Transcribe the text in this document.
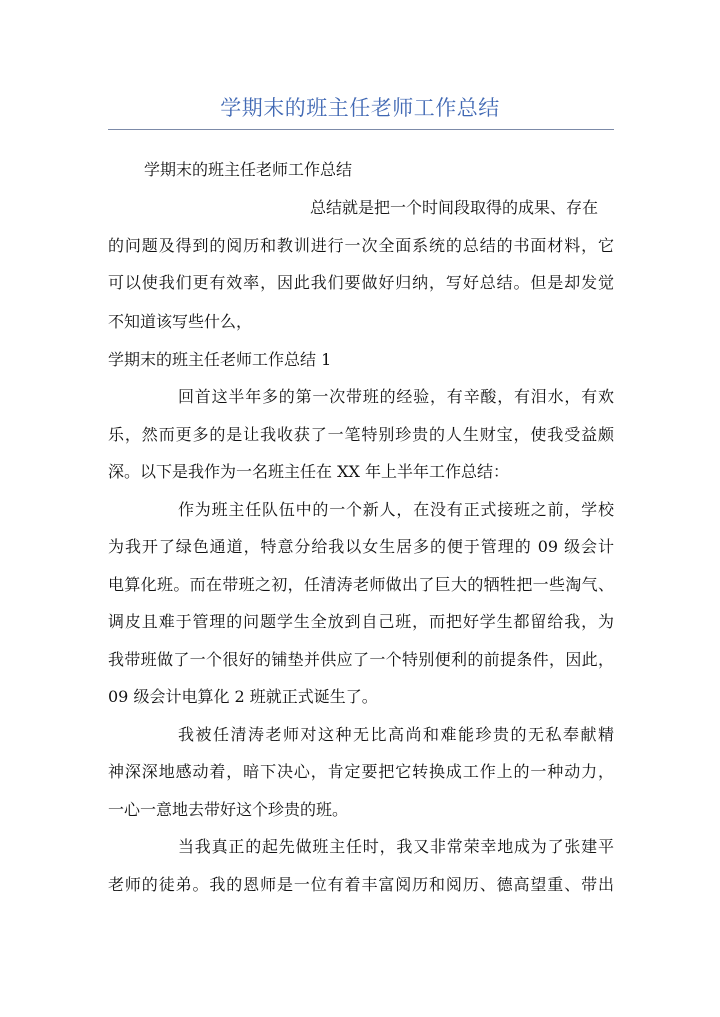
学期末的班主任老师工作总结
学期末的班主任老师工作总结
总结就是把一个时间段取得的成果、存在
的问题及得到的阅历和教训进行一次全面系统的总结的书面材料，它
可以使我们更有效率，因此我们要做好归纳，写好总结。但是却发觉
不知道该写些什么，
学期末的班主任老师工作总结 1
回首这半年多的第一次带班的经验，有辛酸，有泪水，有欢
乐，然而更多的是让我收获了一笔特别珍贵的人生财宝，使我受益颇
深。以下是我作为一名班主任在 XX 年上半年工作总结：
作为班主任队伍中的一个新人，在没有正式接班之前，学校
为我开了绿色通道，特意分给我以女生居多的便于管理的 09 级会计
电算化班。而在带班之初，任清涛老师做出了巨大的牺牲把一些淘气、
调皮且难于管理的问题学生全放到自己班，而把好学生都留给我，为
我带班做了一个很好的铺垫并供应了一个特别便利的前提条件，因此，
09 级会计电算化 2 班就正式诞生了。
我被任清涛老师对这种无比高尚和难能珍贵的无私奉献精
神深深地感动着，暗下决心，肯定要把它转换成工作上的一种动力，
一心一意地去带好这个珍贵的班。
当我真正的起先做班主任时，我又非常荣幸地成为了张建平
老师的徒弟。我的恩师是一位有着丰富阅历和阅历、德高望重、带出
